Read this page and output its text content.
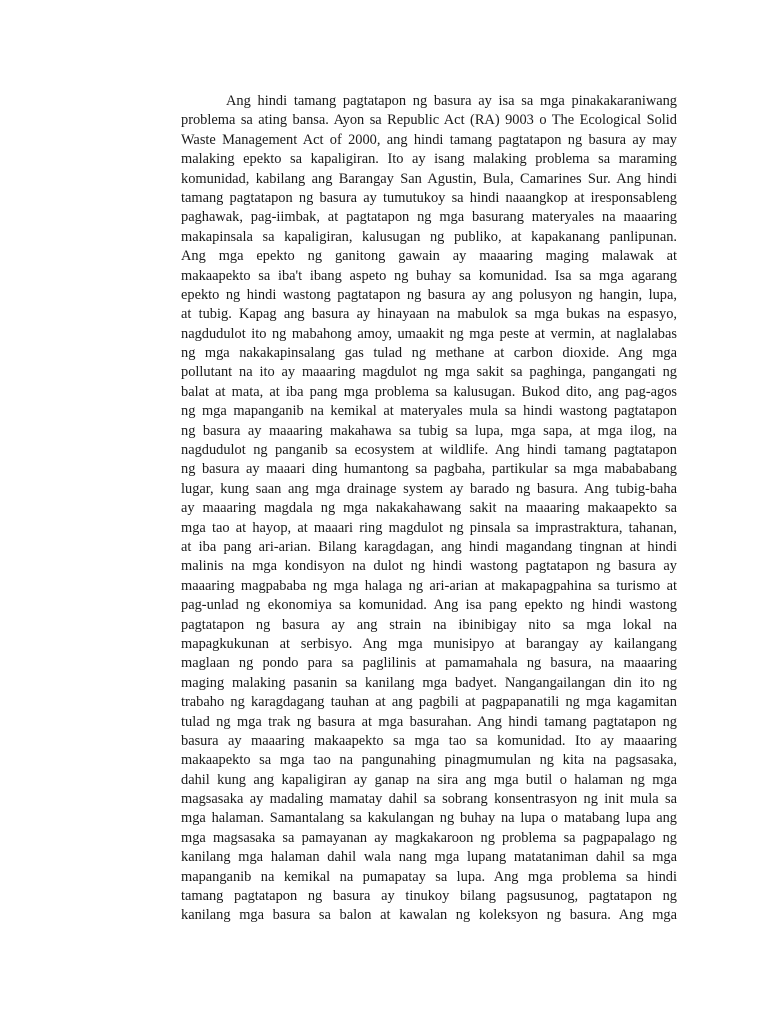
Ang hindi tamang pagtatapon ng basura ay isa sa mga pinakakaraniwang
problema sa ating bansa. Ayon sa Republic Act (RA) 9003 o The Ecological Solid
Waste Management Act of 2000, ang hindi tamang pagtatapon ng basura ay may
malaking epekto sa kapaligiran. Ito ay isang malaking problema sa maraming
komunidad, kabilang ang Barangay San Agustin, Bula, Camarines Sur. Ang hindi
tamang pagtatapon ng basura ay tumutukoy sa hindi naaangkop at iresponsableng
paghawak, pag-iimbak, at pagtatapon ng mga basurang materyales na maaaring
makapinsala sa kapaligiran, kalusugan ng publiko, at kapakanang panlipunan.
Ang mga epekto ng ganitong gawain ay maaaring maging malawak at
makaapekto sa iba't ibang aspeto ng buhay sa komunidad. Isa sa mga agarang
epekto ng hindi wastong pagtatapon ng basura ay ang polusyon ng hangin, lupa,
at tubig. Kapag ang basura ay hinayaan na mabulok sa mga bukas na espasyo,
nagdudulot ito ng mabahong amoy, umaakit ng mga peste at vermin, at naglalabas
ng mga nakakapinsalang gas tulad ng methane at carbon dioxide. Ang mga
pollutant na ito ay maaaring magdulot ng mga sakit sa paghinga, pangangati ng
balat at mata, at iba pang mga problema sa kalusugan. Bukod dito, ang pag-agos
ng mga mapanganib na kemikal at materyales mula sa hindi wastong pagtatapon
ng basura ay maaaring makahawa sa tubig sa lupa, mga sapa, at mga ilog, na
nagdudulot ng panganib sa ecosystem at wildlife. Ang hindi tamang pagtatapon
ng basura ay maaari ding humantong sa pagbaha, partikular sa mga mabababang
lugar, kung saan ang mga drainage system ay barado ng basura. Ang tubig-baha
ay maaaring magdala ng mga nakakahawang sakit na maaaring makaapekto sa
mga tao at hayop, at maaari ring magdulot ng pinsala sa imprastraktura, tahanan,
at iba pang ari-arian. Bilang karagdagan, ang hindi magandang tingnan at hindi
malinis na mga kondisyon na dulot ng hindi wastong pagtatapon ng basura ay
maaaring magpababa ng mga halaga ng ari-arian at makapagpahina sa turismo at
pag-unlad ng ekonomiya sa komunidad. Ang isa pang epekto ng hindi wastong
pagtatapon ng basura ay ang strain na ibinibigay nito sa mga lokal na
mapagkukunan at serbisyo. Ang mga munisipyo at barangay ay kailangang
maglaan ng pondo para sa paglilinis at pamamahala ng basura, na maaaring
maging malaking pasanin sa kanilang mga badyet. Nangangailangan din ito ng
trabaho ng karagdagang tauhan at ang pagbili at pagpapanatili ng mga kagamitan
tulad ng mga trak ng basura at mga basurahan. Ang hindi tamang pagtatapon ng
basura ay maaaring makaapekto sa mga tao sa komunidad. Ito ay maaaring
makaapekto sa mga tao na pangunahing pinagmumulan ng kita na pagsasaka,
dahil kung ang kapaligiran ay ganap na sira ang mga butil o halaman ng mga
magsasaka ay madaling mamatay dahil sa sobrang konsentrasyon ng init mula sa
mga halaman. Samantalang sa kakulangan ng buhay na lupa o matabang lupa ang
mga magsasaka sa pamayanan ay magkakaroon ng problema sa pagpapalago ng
kanilang mga halaman dahil wala nang mga lupang matataniman dahil sa mga
mapanganib na kemikal na pumapatay sa lupa. Ang mga problema sa hindi
tamang pagtatapon ng basura ay tinukoy bilang pagsusunog, pagtatapon ng
kanilang mga basura sa balon at kawalan ng koleksyon ng basura. Ang mga
